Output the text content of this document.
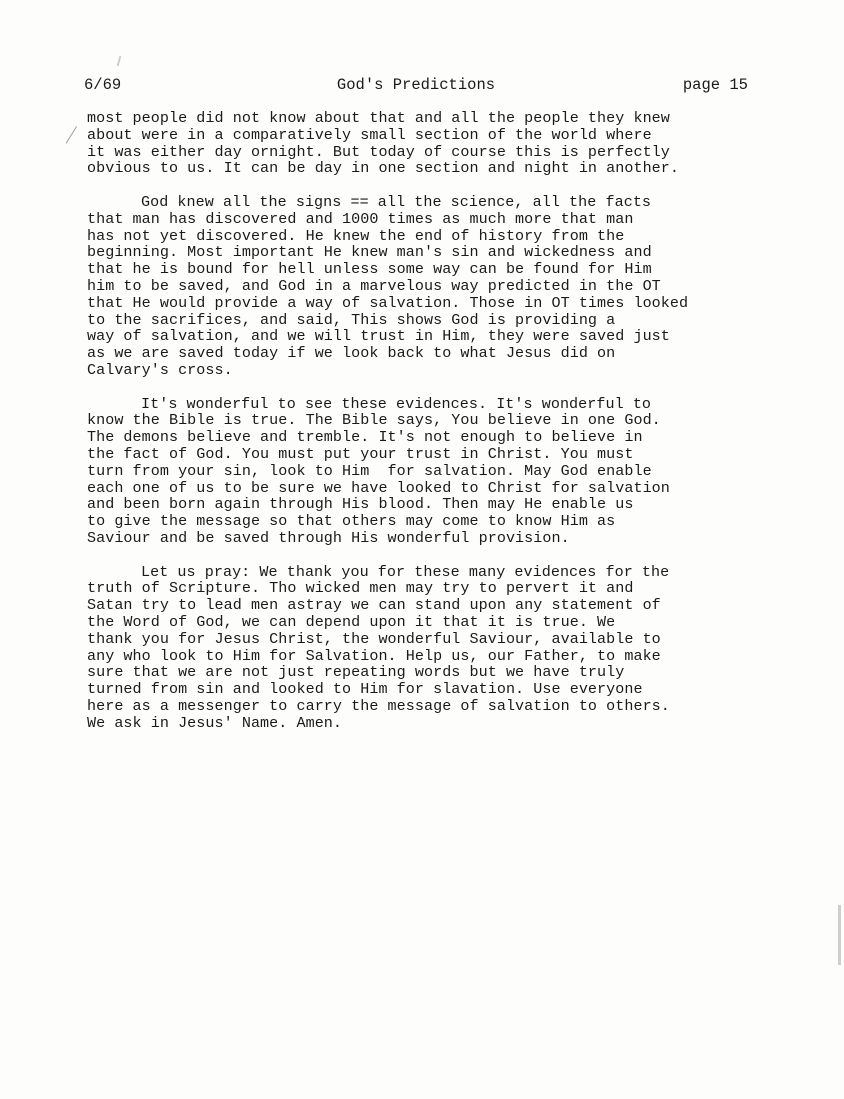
6/69	God's Predictions	page 15
most people did not know about that and all the people they knew
about were in a comparatively small section of the world where
it was either day ornight. But today of course this is perfectly
obvious to us. It can be day in one section and night in another.
God knew all the signs == all the science, all the facts
that man has discovered and 1000 times as much more that man
has not yet discovered. He knew the end of history from the
beginning. Most important He knew man's sin and wickedness and
that he is bound for hell unless some way can be found for Him
him to be saved, and God in a marvelous way predicted in the OT
that He would provide a way of salvation. Those in OT times looked
to the sacrifices, and said, This shows God is providing a
way of salvation, and we will trust in Him, they were saved just
as we are saved today if we look back to what Jesus did on
Calvary's cross.
It's wonderful to see these evidences. It's wonderful to
know the Bible is true. The Bible says, You believe in one God.
The demons believe and tremble. It's not enough to believe in
the fact of God. You must put your trust in Christ. You must
turn from your sin, look to Him  for salvation. May God enable
each one of us to be sure we have looked to Christ for salvation
and been born again through His blood. Then may He enable us
to give the message so that others may come to know Him as
Saviour and be saved through His wonderful provision.
Let us pray: We thank you for these many evidences for the
truth of Scripture. Tho wicked men may try to pervert it and
Satan try to lead men astray we can stand upon any statement of
the Word of God, we can depend upon it that it is true. We
thank you for Jesus Christ, the wonderful Saviour, available to
any who look to Him for Salvation. Help us, our Father, to make
sure that we are not just repeating words but we have truly
turned from sin and looked to Him for slavation. Use everyone
here as a messenger to carry the message of salvation to others.
We ask in Jesus' Name. Amen.
